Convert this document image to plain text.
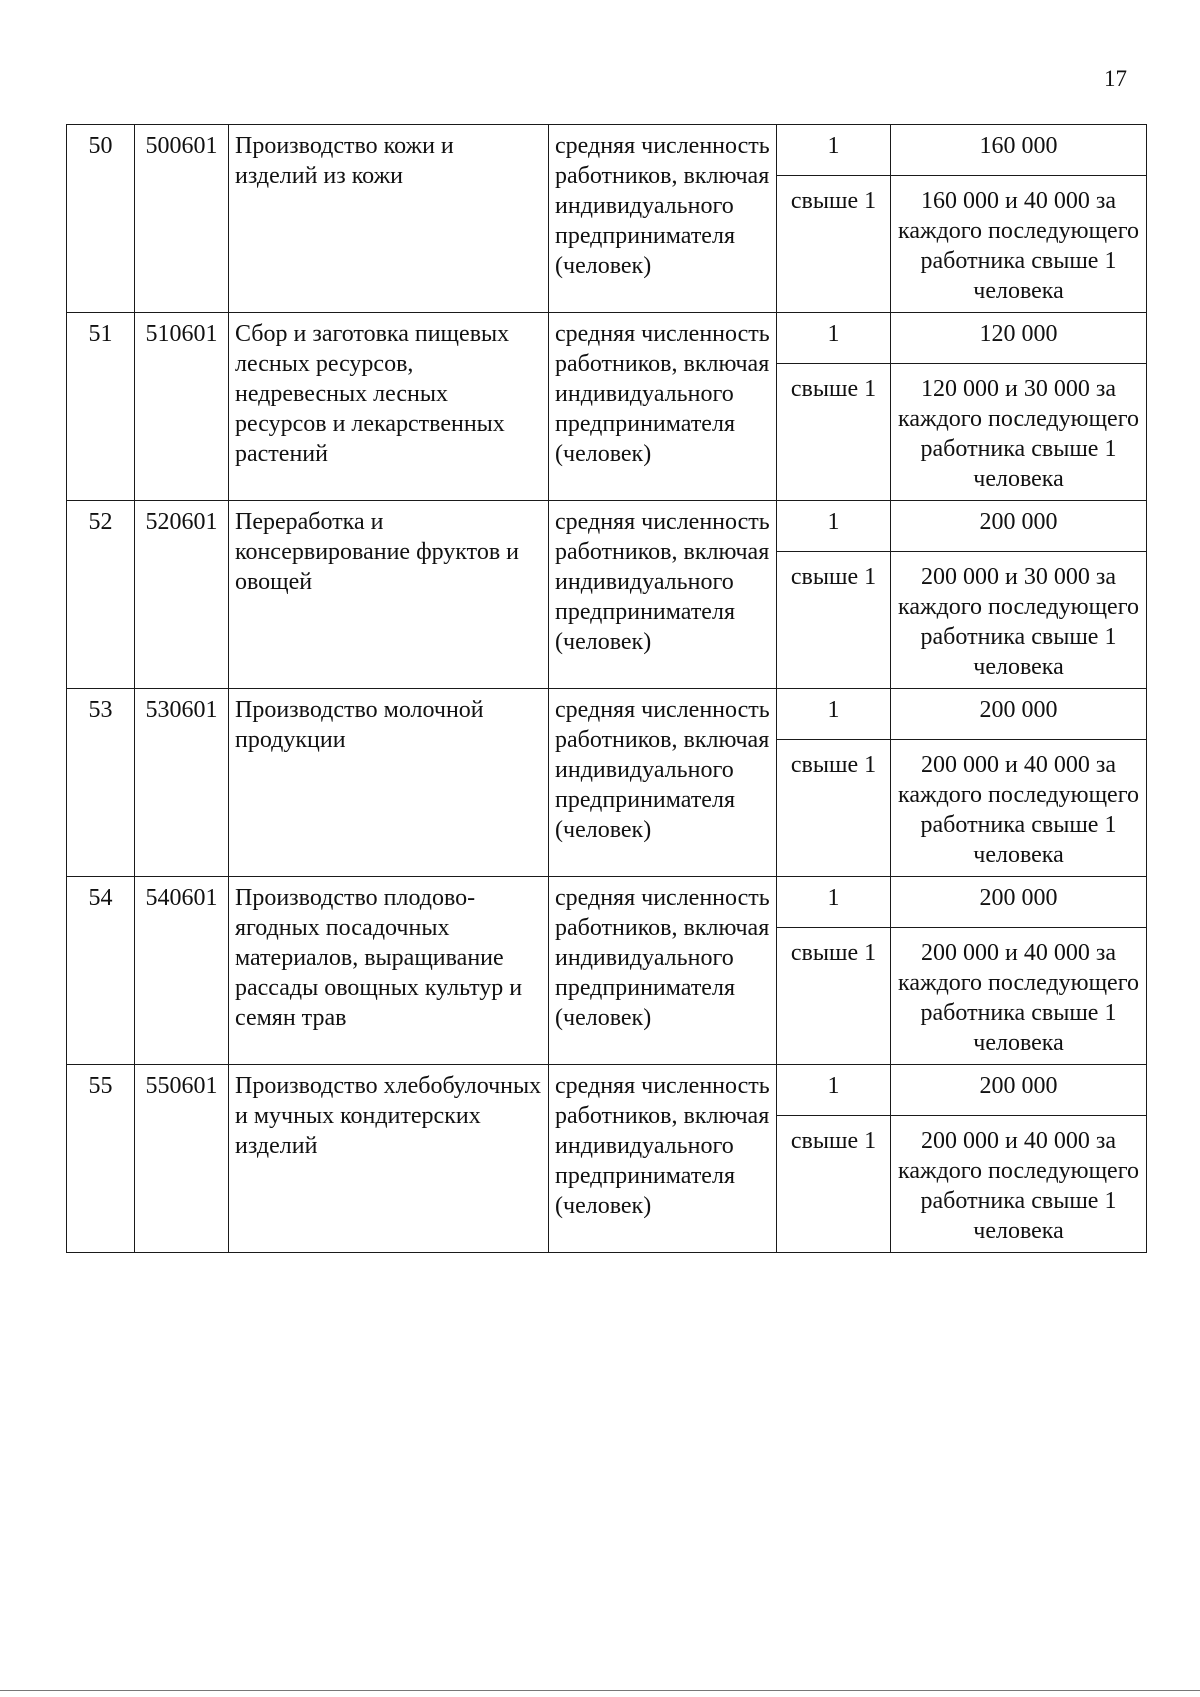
17
50	500601	Производство кожи и изделий из кожи	средняя численность работников, включая индивидуального предпринимателя (человек)	1	160 000
				свыше 1	160 000 и 40 000 за каждого последующего работника свыше 1 человека
51	510601	Сбор и заготовка пищевых лесных ресурсов, недревесных лесных ресурсов и лекарственных растений	средняя численность работников, включая индивидуального предпринимателя (человек)	1	120 000
				свыше 1	120 000 и 30 000 за каждого последующего работника свыше 1 человека
52	520601	Переработка и консервирование фруктов и овощей	средняя численность работников, включая индивидуального предпринимателя (человек)	1	200 000
				свыше 1	200 000 и 30 000 за каждого последующего работника свыше 1 человека
53	530601	Производство молочной продукции	средняя численность работников, включая индивидуального предпринимателя (человек)	1	200 000
				свыше 1	200 000 и 40 000 за каждого последующего работника свыше 1 человека
54	540601	Производство плодово-ягодных посадочных материалов, выращивание рассады овощных культур и семян трав	средняя численность работников, включая индивидуального предпринимателя (человек)	1	200 000
				свыше 1	200 000 и 40 000 за каждого последующего работника свыше 1 человека
55	550601	Производство хлебобулочных и мучных кондитерских изделий	средняя численность работников, включая индивидуального предпринимателя (человек)	1	200 000
				свыше 1	200 000 и 40 000 за каждого последующего работника свыше 1 человека
